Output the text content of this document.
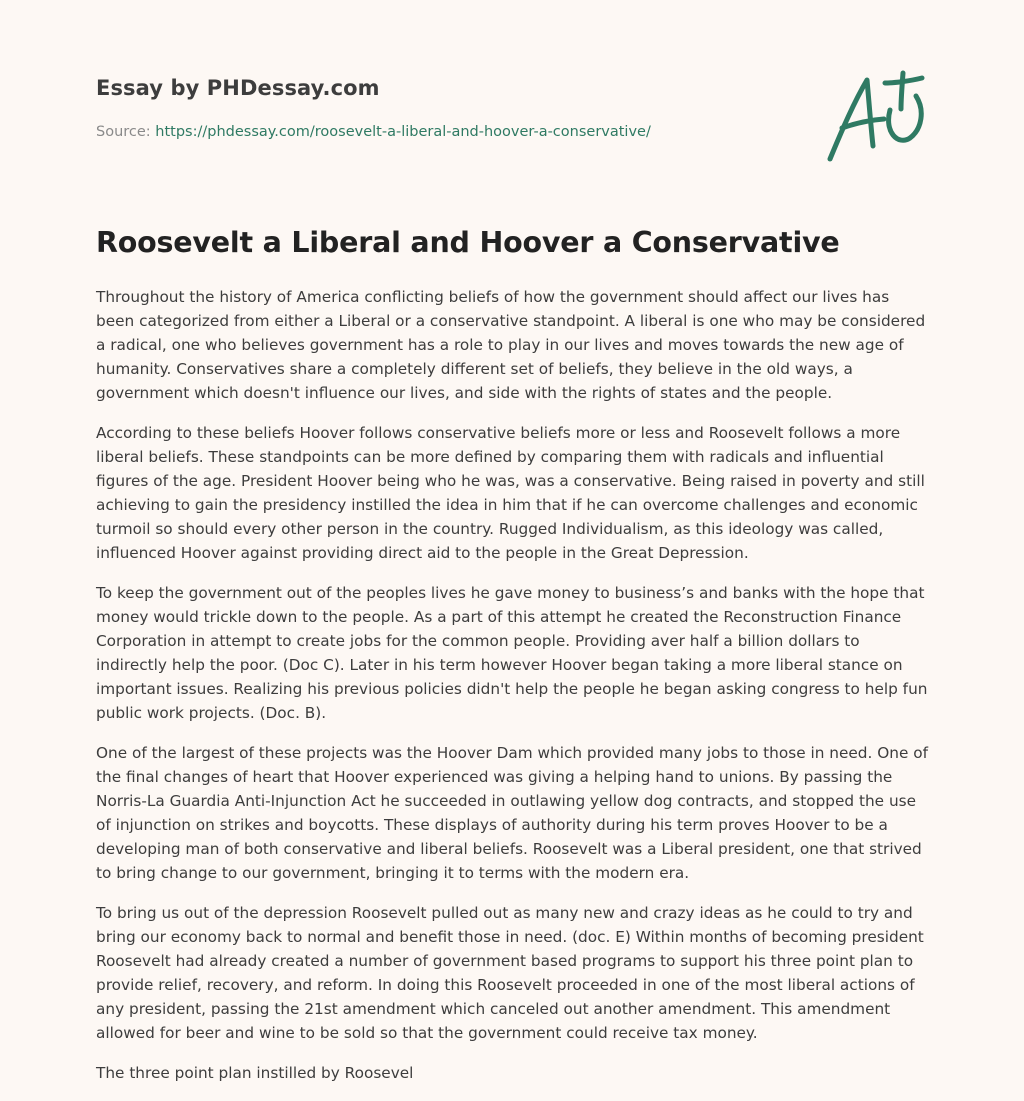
Essay by PHDessay.com
Source: https://phdessay.com/roosevelt-a-liberal-and-hoover-a-conservative/
Roosevelt a Liberal and Hoover a Conservative

Throughout the history of America conflicting beliefs of how the government should affect our lives has been categorized from either a Liberal or a conservative standpoint. A liberal is one who may be considered a radical, one who believes government has a role to play in our lives and moves towards the new age of humanity. Conservatives share a completely different set of beliefs, they believe in the old ways, a government which doesn't influence our lives, and side with the rights of states and the people.

According to these beliefs Hoover follows conservative beliefs more or less and Roosevelt follows a more liberal beliefs. These standpoints can be more defined by comparing them with radicals and influential figures of the age. President Hoover being who he was, was a conservative. Being raised in poverty and still achieving to gain the presidency instilled the idea in him that if he can overcome challenges and economic turmoil so should every other person in the country. Rugged Individualism, as this ideology was called, influenced Hoover against providing direct aid to the people in the Great Depression.

To keep the government out of the peoples lives he gave money to business’s and banks with the hope that money would trickle down to the people. As a part of this attempt he created the Reconstruction Finance Corporation in attempt to create jobs for the common people. Providing aver half a billion dollars to indirectly help the poor. (Doc C). Later in his term however Hoover began taking a more liberal stance on important issues. Realizing his previous policies didn't help the people he began asking congress to help fun public work projects. (Doc. B).

One of the largest of these projects was the Hoover Dam which provided many jobs to those in need. One of the final changes of heart that Hoover experienced was giving a helping hand to unions. By passing the Norris-La Guardia Anti-Injunction Act he succeeded in outlawing yellow dog contracts, and stopped the use of injunction on strikes and boycotts. These displays of authority during his term proves Hoover to be a developing man of both conservative and liberal beliefs. Roosevelt was a Liberal president, one that strived to bring change to our government, bringing it to terms with the modern era.

To bring us out of the depression Roosevelt pulled out as many new and crazy ideas as he could to try and bring our economy back to normal and benefit those in need. (doc. E) Within months of becoming president Roosevelt had already created a number of government based programs to support his three point plan to provide relief, recovery, and reform. In doing this Roosevelt proceeded in one of the most liberal actions of any president, passing the 21st amendment which canceled out another amendment. This amendment allowed for beer and wine to be sold so that the government could receive tax money.

The three point plan instilled by Roosevel
